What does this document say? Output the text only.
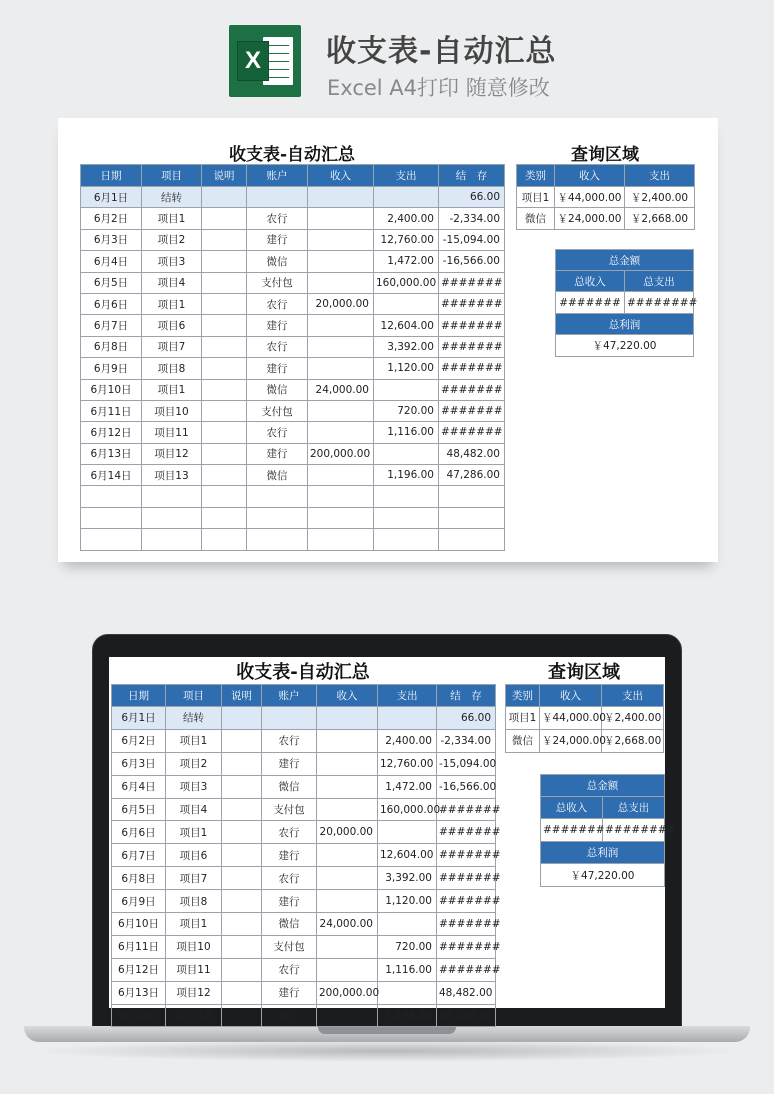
X 收支表-自动汇总
Excel A4打印 随意修改
收支表-自动汇总	查询区域
日期	项目	说明	账户	收入	支出	结　存
6月1日	结转					66.00
6月2日	项目1		农行		2,400.00	-2,334.00
6月3日	项目2		建行		12,760.00	-15,094.00
6月4日	项目3		微信		1,472.00	-16,566.00
6月5日	项目4		支付包		160,000.00	#######
6月6日	项目1		农行	20,000.00		#######
6月7日	项目6		建行		12,604.00	#######
6月8日	项目7		农行		3,392.00	#######
6月9日	项目8		建行		1,120.00	#######
6月10日	项目1		微信	24,000.00		#######
6月11日	项目10		支付包		720.00	#######
6月12日	项目11		农行		1,116.00	#######
6月13日	项目12		建行	200,000.00		48,482.00
6月14日	项目13		微信		1,196.00	47,286.00

类别	收入	支出
项目1	￥44,000.00	￥2,400.00
微信	￥24,000.00	￥2,668.00
总金额	
总收入	总支出
#######	########
总利润	
￥47,220.00	
收支表-自动汇总	查询区域
日期	项目	说明	账户	收入	支出	结　存
6月1日	结转					66.00
6月2日	项目1		农行		2,400.00	-2,334.00
6月3日	项目2		建行		12,760.00	-15,094.00
6月4日	项目3		微信		1,472.00	-16,566.00
6月5日	项目4		支付包		160,000.00	#######
6月6日	项目1		农行	20,000.00		#######
6月7日	项目6		建行		12,604.00	#######
6月8日	项目7		农行		3,392.00	#######
6月9日	项目8		建行		1,120.00	#######
6月10日	项目1		微信	24,000.00		#######
6月11日	项目10		支付包		720.00	#######
6月12日	项目11		农行		1,116.00	#######
6月13日	项目12		建行	200,000.00		48,482.00
6月14日	项目13		微信		1,196.00	47,286.00
类别	收入	支出
项目1	￥44,000.00	￥2,400.00
微信	￥24,000.00	￥2,668.00
总金额	
总收入	总支出
#######	########
总利润	
￥47,220.00	
